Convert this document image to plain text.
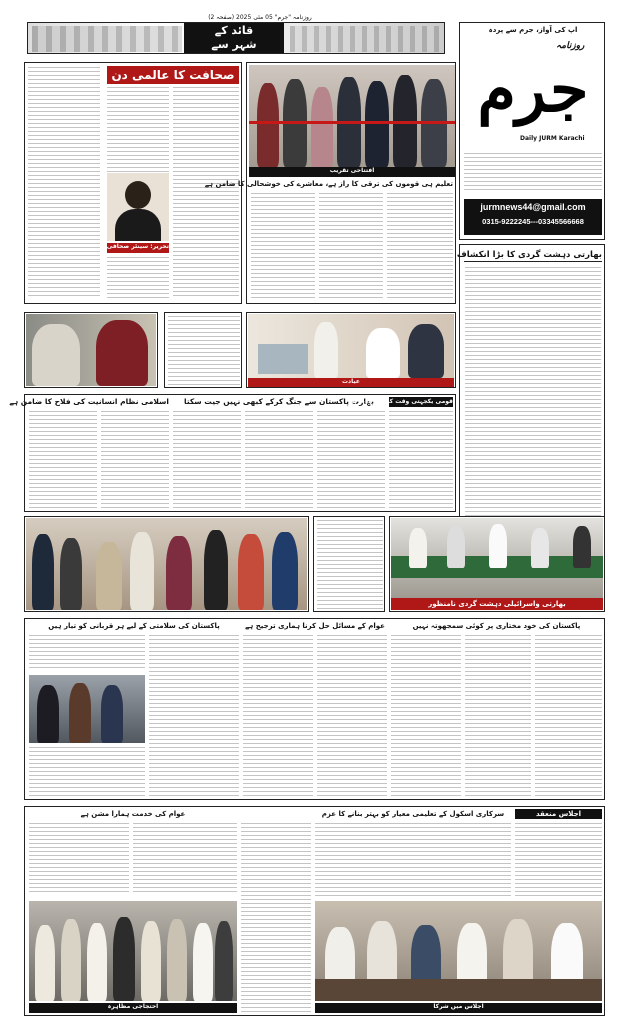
قائد کے
شہر سے
روزنامہ "جرم" 05 مئی 2025 (صفحہ 2)
اپ کی آواز، جرم سے پردہ
روزنامہ
جرم
Daily JURM Karachi
jurmnews44@gmail.com
0315-9222245---03345566668
صحافت کا عالمی دن
تحریر: سینئر صحافی
افتتاحی تقریب
تعلیم ہی قوموں کی ترقی کا راز ہے، معاشرے کی خوشحالی کا ضامن ہے
بھارتی دہشت گردی کا بڑا انکشاف
عیادت
اسلامی نظام انسانیت کی فلاح کا ضامن ہے	بھارت پاکستان سے جنگ کرکے کبھی نہیں جیت سکتا
قومی یکجہتی وقت کی ضرورت ہے
بھارتی واسرائیلی دہشت گردی نامنظور
پاکستان کی سلامتی کے لیے ہر قربانی کو تیار ہیں	عوام کے مسائل حل کرنا ہماری ترجیح ہے	پاکستان کی خود مختاری پر کوئی سمجھوتہ نہیں
سرکاری اسکول کے تعلیمی معیار کو بہتر بنانے کا عزم
عوام کی خدمت ہمارا مشن ہے	اجلاس منعقد
احتجاجی مظاہرہ	اجلاس میں شرکا
